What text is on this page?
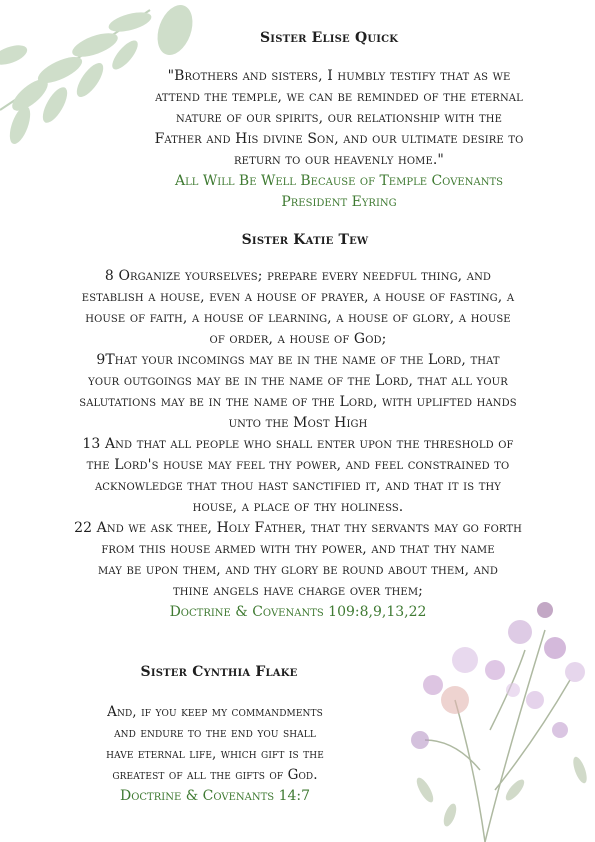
Sister Elise Quick

"Brothers and sisters, I humbly testify that as we
attend the temple, we can be reminded of the eternal
nature of our spirits, our relationship with the
Father and His divine Son, and our ultimate desire to
return to our heavenly home."

All Will Be Well Because of Temple Covenants
President Eyring

Sister Katie Tew

8 Organize yourselves; prepare every needful thing, and
establish a house, even a house of prayer, a house of fasting, a
house of faith, a house of learning, a house of glory, a house
of order, a house of God;
9That your incomings may be in the name of the Lord, that
your outgoings may be in the name of the Lord, that all your
salutations may be in the name of the Lord, with uplifted hands
unto the Most High
13 And that all people who shall enter upon the threshold of
the Lord's house may feel thy power, and feel constrained to
acknowledge that thou hast sanctified it, and that it is thy
house, a place of thy holiness.
22 And we ask thee, Holy Father, that thy servants may go forth
from this house armed with thy power, and that thy name
may be upon them, and thy glory be round about them, and
thine angels have charge over them;

Doctrine & Covenants 109:8,9,13,22

Sister Cynthia Flake

And, if you keep my commandments
and endure to the end you shall
have eternal life, which gift is the
greatest of all the gifts of God.

Doctrine & Covenants 14:7
